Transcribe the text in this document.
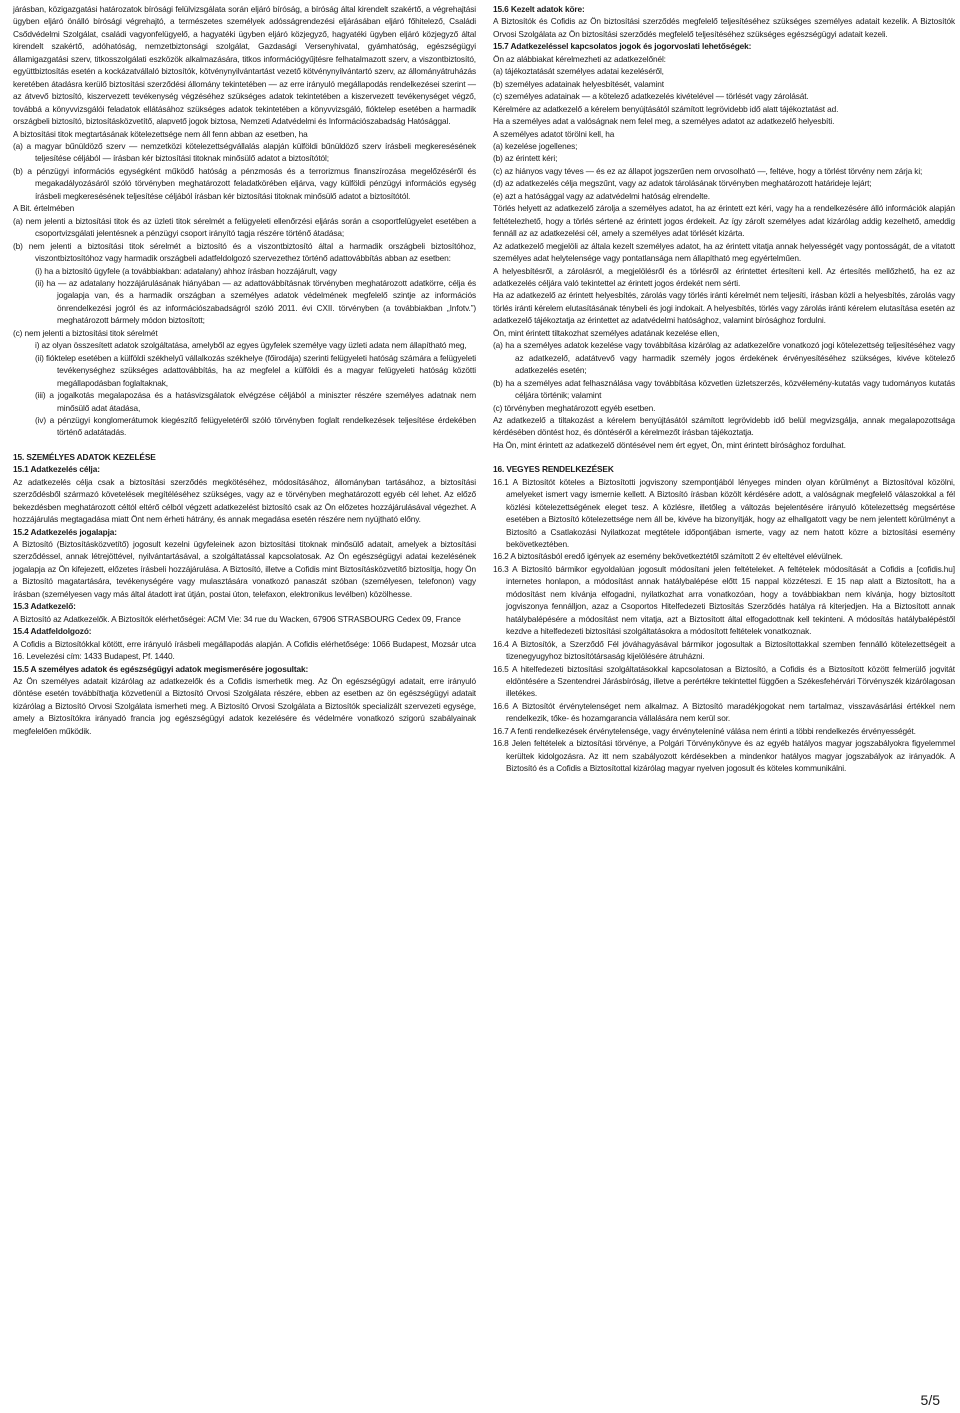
járásban, közigazgatási határozatok bírósági felülvizsgálata során eljáró bíróság, a bíróság által kirendelt szakértő, a végrehajtási ügyben eljáró önálló bírósági végrehajtó, a természetes személyek adósságrendezési eljárásában eljáró főhitelező, Családi Csődvédelmi Szolgálat, családi vagyonfelügyelő, a hagyatéki ügyben eljáró közjegyző, hagyatéki ügyben eljáró közjegyző által kirendelt szakértő, adóhatóság, nemzetbiztonsági szolgálat, Gazdasági Versenyhivatal, gyámhatóság, egészségügyi államigazgatási szerv, titkosszolgálati eszközök alkalmazására, titkos információgyűjtésre felhatalmazott szerv, a viszontbiztosító, együttbiztosítás esetén a kockázatvállaló biztosítók, kötvénynyilvántartást vezető kötvénynyilvántartó szerv, az állományátruházás keretében átadásra kerülő biztosítási szerződési állomány tekintetében — az erre irányuló megállapodás rendelkezései szerint — az átvevő biztosító, kiszervezett tevékenység végzéséhez szükséges adatok tekintetében a kiszervezett tevékenységet végző, továbbá a könyvvizsgálói feladatok ellátásához szükséges adatok tekintetében a könyvvizsgáló, fióktelep esetében a harmadik országbeli biztosító, biztosításközvetítő, alapvető jogok biztosa, Nemzeti Adatvédelmi és Információszabadság Hatósággal.

A biztosítási titok megtartásának kötelezettsége nem áll fenn abban az esetben, ha

(a) a magyar bűnüldöző szerv — nemzetközi kötelezettségvállalás alapján külföldi bűnüldöző szerv írásbeli megkeresésének teljesítése céljából — írásban kér biztosítási titoknak minősülő adatot a biztosítótól;

(b) a pénzügyi információs egységként működő hatóság a pénzmosás és a terrorizmus finanszírozása megelőzéséről és megakadályozásáról szóló törvényben meghatározott feladatkörében eljárva, vagy külföldi pénzügyi információs egység írásbeli megkeresésének teljesítése céljából írásban kér biztosítási titoknak minősülő adatot a biztosítótól.

A Bit. értelmében

(a) nem jelenti a biztosítási titok és az üzleti titok sérelmét a felügyeleti ellenőrzési eljárás során a csoportfelügyelet esetében a csoportvizsgálati jelentésnek a pénzügyi csoport irányító tagja részére történő átadása;

(b) nem jelenti a biztosítási titok sérelmét a biztosító és a viszontbiztosító által a harmadik országbeli biztosítóhoz, viszontbiztosítóhoz vagy harmadik országbeli adatfeldolgozó szervezethez történő adattovábbítás abban az esetben:

(i) ha a biztosító ügyfele (a továbbiakban: adatalany) ahhoz írásban hozzájárult, vagy

(ii) ha — az adatalany hozzájárulásának hiányában — az adattovábbításnak törvényben meghatározott adatkörre, célja és jogalapja van, és a harmadik országban a személyes adatok védelmének megfelelő szintje az információs önrendelkezési jogról és az információszabadságról szóló 2011. évi CXII. törvényben (a továbbiakban „Infotv.”) meghatározott bármely módon biztosított;

(c) nem jelenti a biztosítási titok sérelmét

i) az olyan összesített adatok szolgáltatása, amelyből az egyes ügyfelek személye vagy üzleti adata nem állapítható meg,

(ii) fióktelep esetében a külföldi székhelyű vállalkozás székhelye (főirodája) szerinti felügyeleti hatóság számára a felügyeleti tevékenységhez szükséges adattovábbítás, ha az megfelel a külföldi és a magyar felügyeleti hatóság közötti megállapodásban foglaltaknak,

(iii) a jogalkotás megalapozása és a hatásvizsgálatok elvégzése céljából a miniszter részére személyes adatnak nem minősülő adat átadása,

(iv) a pénzügyi konglomerátumok kiegészítő felügyeletéről szóló törvényben foglalt rendelkezések teljesítése érdekében történő adatátadás.

15. SZEMÉLYES ADATOK KEZELÉSE

15.1 Adatkezelés célja:

Az adatkezelés célja csak a biztosítási szerződés megkötéséhez, módosításához, állományban tartásához, a biztosítási szerződésből származó követelések megítéléséhez szükséges, vagy az e törvényben meghatározott egyéb cél lehet. Az előző bekezdésben meghatározott céltól eltérő célból végzett adatkezelést biztosító csak az Ön előzetes hozzájárulásával végezhet. A hozzájárulás megtagadása miatt Önt nem érheti hátrány, és annak megadása esetén részére nem nyújtható előny.

15.2 Adatkezelés jogalapja:

A Biztosító (Biztosításközvetítő) jogosult kezelni ügyfeleinek azon biztosítási titoknak minősülő adatait, amelyek a biztosítási szerződéssel, annak létrejöttével, nyilvántartásával, a szolgáltatással kapcsolatosak. Az Ön egészségügyi adatai kezelésének jogalapja az Ön kifejezett, előzetes írásbeli hozzájárulása. A Biztosító, illetve a Cofidis mint Biztosításközvetítő biztosítja, hogy Ön a Biztosító magatartására, tevékenységére vagy mulasztására vonatkozó panaszát szóban (személyesen, telefonon) vagy írásban (személyesen vagy más által átadott irat útján, postai úton, telefaxon, elektronikus levélben) közölhesse.

15.3 Adatkezelő:

A Biztosító az Adatkezelők. A Biztosítók elérhetőségei: ACM Vie: 34 rue du Wacken, 67906 STRASBOURG Cedex 09, France

15.4 Adatfeldolgozó:

A Cofidis a Biztosítókkal kötött, erre irányuló írásbeli megállapodás alapján. A Cofidis elérhetősége: 1066 Budapest, Mozsár utca 16. Levelezési cím: 1433 Budapest, Pf. 1440.

15.5 A személyes adatok és egészségügyi adatok megismerésére jogosultak:

Az Ön személyes adatait kizárólag az adatkezelők és a Cofidis ismerhetik meg. Az Ön egészségügyi adatait, erre irányuló döntése esetén továbbíthatja közvetlenül a Biztosító Orvosi Szolgálata részére, ebben az esetben az ön egészségügyi adatait kizárólag a Biztosító Orvosi Szolgálata ismerheti meg. A Biztosító Orvosi Szolgálata a Biztosítók specializált szervezeti egysége, amely a Biztosítókra irányadó francia jog egészségügyi adatok kezelésére és védelmére vonatkozó szigorú szabályainak megfelelően működik.

15.6 Kezelt adatok köre:

A Biztosítók és Cofidis az Ön biztosítási szerződés megfelelő teljesítéséhez szükséges személyes adatait kezelik. A Biztosítók Orvosi Szolgálata az Ön biztosítási szerződés megfelelő teljesítéséhez szükséges egészségügyi adatait kezeli.

15.7 Adatkezeléssel kapcsolatos jogok és jogorvoslati lehetőségek:

Ön az alábbiakat kérelmezheti az adatkezelőnél:

(a) tájékoztatását személyes adatai kezeléséről,

(b) személyes adatainak helyesbítését, valamint

(c) személyes adatainak — a kötelező adatkezelés kivételével — törlését vagy zárolását.

Kérelmére az adatkezelő a kérelem benyújtásától számított legrövidebb idő alatt tájékoztatást ad.

Ha a személyes adat a valóságnak nem felel meg, a személyes adatot az adatkezelő helyesbíti.

A személyes adatot törölni kell, ha

(a) kezelése jogellenes;

(b) az érintett kéri;

(c) az hiányos vagy téves — és ez az állapot jogszerűen nem orvosolható —, feltéve, hogy a törlést törvény nem zárja ki;

(d) az adatkezelés célja megszűnt, vagy az adatok tárolásának törvényben meghatározott határideje lejárt;

(e) azt a hatósággal vagy az adatvédelmi hatóság elrendelte.

Törlés helyett az adatkezelő zárolja a személyes adatot, ha az érintett ezt kéri, vagy ha a rendelkezésére álló információk alapján feltételezhető, hogy a törlés sértené az érintett jogos érdekeit. Az így zárolt személyes adat kizárólag addig kezelhető, ameddig fennáll az az adatkezelési cél, amely a személyes adat törlését kizárta.

Az adatkezelő megjelöli az általa kezelt személyes adatot, ha az érintett vitatja annak helyességét vagy pontosságát, de a vitatott személyes adat helytelensége vagy pontatlansága nem állapítható meg egyértelműen.

A helyesbítésről, a zárolásról, a megjelölésről és a törlésről az érintettet értesíteni kell. Az értesítés mellőzhető, ha ez az adatkezelés céljára való tekintettel az érintett jogos érdekét nem sérti.

Ha az adatkezelő az érintett helyesbítés, zárolás vagy törlés iránti kérelmét nem teljesíti, írásban közli a helyesbítés, zárolás vagy törlés iránti kérelem elutasításának ténybeli és jogi indokait. A helyesbítés, törlés vagy zárolás iránti kérelem elutasítása esetén az adatkezelő tájékoztatja az érintettet az adatvédelmi hatósághoz, valamint bírósághoz fordulni.

Ön, mint érintett tiltakozhat személyes adatának kezelése ellen,

(a) ha a személyes adatok kezelése vagy továbbítása kizárólag az adatkezelőre vonatkozó jogi kötelezettség teljesítéséhez vagy az adatkezelő, adatátvevő vagy harmadik személy jogos érdekének érvényesítéséhez szükséges, kivéve kötelező adatkezelés esetén;

(b) ha a személyes adat felhasználása vagy továbbítása közvetlen üzletszerzés, közvélemény-kutatás vagy tudományos kutatás céljára történik; valamint

(c) törvényben meghatározott egyéb esetben.

Az adatkezelő a tiltakozást a kérelem benyújtásától számított legrövidebb idő belül megvizsgálja, annak megalapozottsága kérdésében döntést hoz, és döntéséről a kérelmezőt írásban tájékoztatja.

Ha Ön, mint érintett az adatkezelő döntésével nem ért egyet, Ön, mint érintett bírósághoz fordulhat.

16. VEGYES RENDELKEZÉSEK

16.1 A Biztosítót köteles a Biztosítotti jogviszony szempontjából lényeges minden olyan körülményt a Biztosítóval közölni, amelyeket ismert vagy ismernie kellett. A Biztosító írásban közölt kérdésére adott, a valóságnak megfelelő válaszokkal a fél közlési kötelezettségének eleget tesz. A közlésre, illetőleg a változás bejelentésére irányuló kötelezettség megsértése esetében a Biztosító kötelezettsége nem áll be, kivéve ha bizonyítják, hogy az elhallgatott vagy be nem jelentett körülményt a Biztosító a Csatlakozási Nyilatkozat megtétele időpontjában ismerte, vagy az nem hatott közre a biztosítási esemény bekövetkeztében.

16.2 A biztosításból eredő igények az esemény bekövetkeztétől számított 2 év elteltével elévülnek.

16.3 A Biztosító bármikor egyoldalúan jogosult módosítani jelen feltételeket. A feltételek módosítását a Cofidis a [cofidis.hu] internetes honlapon, a módosítást annak hatálybalépése előtt 15 nappal közzéteszi. E 15 nap alatt a Biztosított, ha a módosítást nem kívánja elfogadni, nyilatkozhat arra vonatkozóan, hogy a továbbiakban nem kívánja, hogy biztosított jogviszonya fennálljon, azaz a Csoportos Hitelfedezeti Biztosítás Szerződés hatálya rá kiterjedjen. Ha a Biztosított annak hatálybalépésére a módosítást nem vitatja, azt a Biztosított által elfogadottnak kell tekinteni. A módosítás hatálybalépéstől kezdve a hitelfedezeti biztosítási szolgáltatásokra a módosított feltételek vonatkoznak.

16.4 A Biztosítók, a Szerződő Fél jóváhagyásával bármikor jogosultak a Biztosítottakkal szemben fennálló kötelezettségeit a tizenegyugyhoz biztosítótársaság kijelölésére átruházni.

16.5 A hitelfedezeti biztosítási szolgáltatásokkal kapcsolatosan a Biztosító, a Cofidis és a Biztosított között felmerülő jogvitát eldöntésére a Szentendrei Járásbíróság, illetve a perértékre tekintettel függően a Székesfehérvári Törvényszék kizárólagosan illetékes.

16.6 A Biztosítót érvénytelenséget nem alkalmaz. A Biztosító maradékjogokat nem tartalmaz, visszavásárlási értékkel nem rendelkezik, tőke- és hozamgarancia vállalására nem kerül sor.

16.7 A fenti rendelkezések érvénytelensége, vagy érvényteleníné válása nem érinti a többi rendelkezés érvényességét.

16.8 Jelen feltételek a biztosítási törvénye, a Polgári Törvénykönyve és az egyéb hatályos magyar jogszabályokra figyelemmel kerültek kidolgozásra. Az itt nem szabályozott kérdésekben a mindenkor hatályos magyar jogszabályok az irányadók. A Biztosító és a Cofidis a Biztosítottal kizárólag magyar nyelven jogosult és köteles kommunikálni.

5/5
